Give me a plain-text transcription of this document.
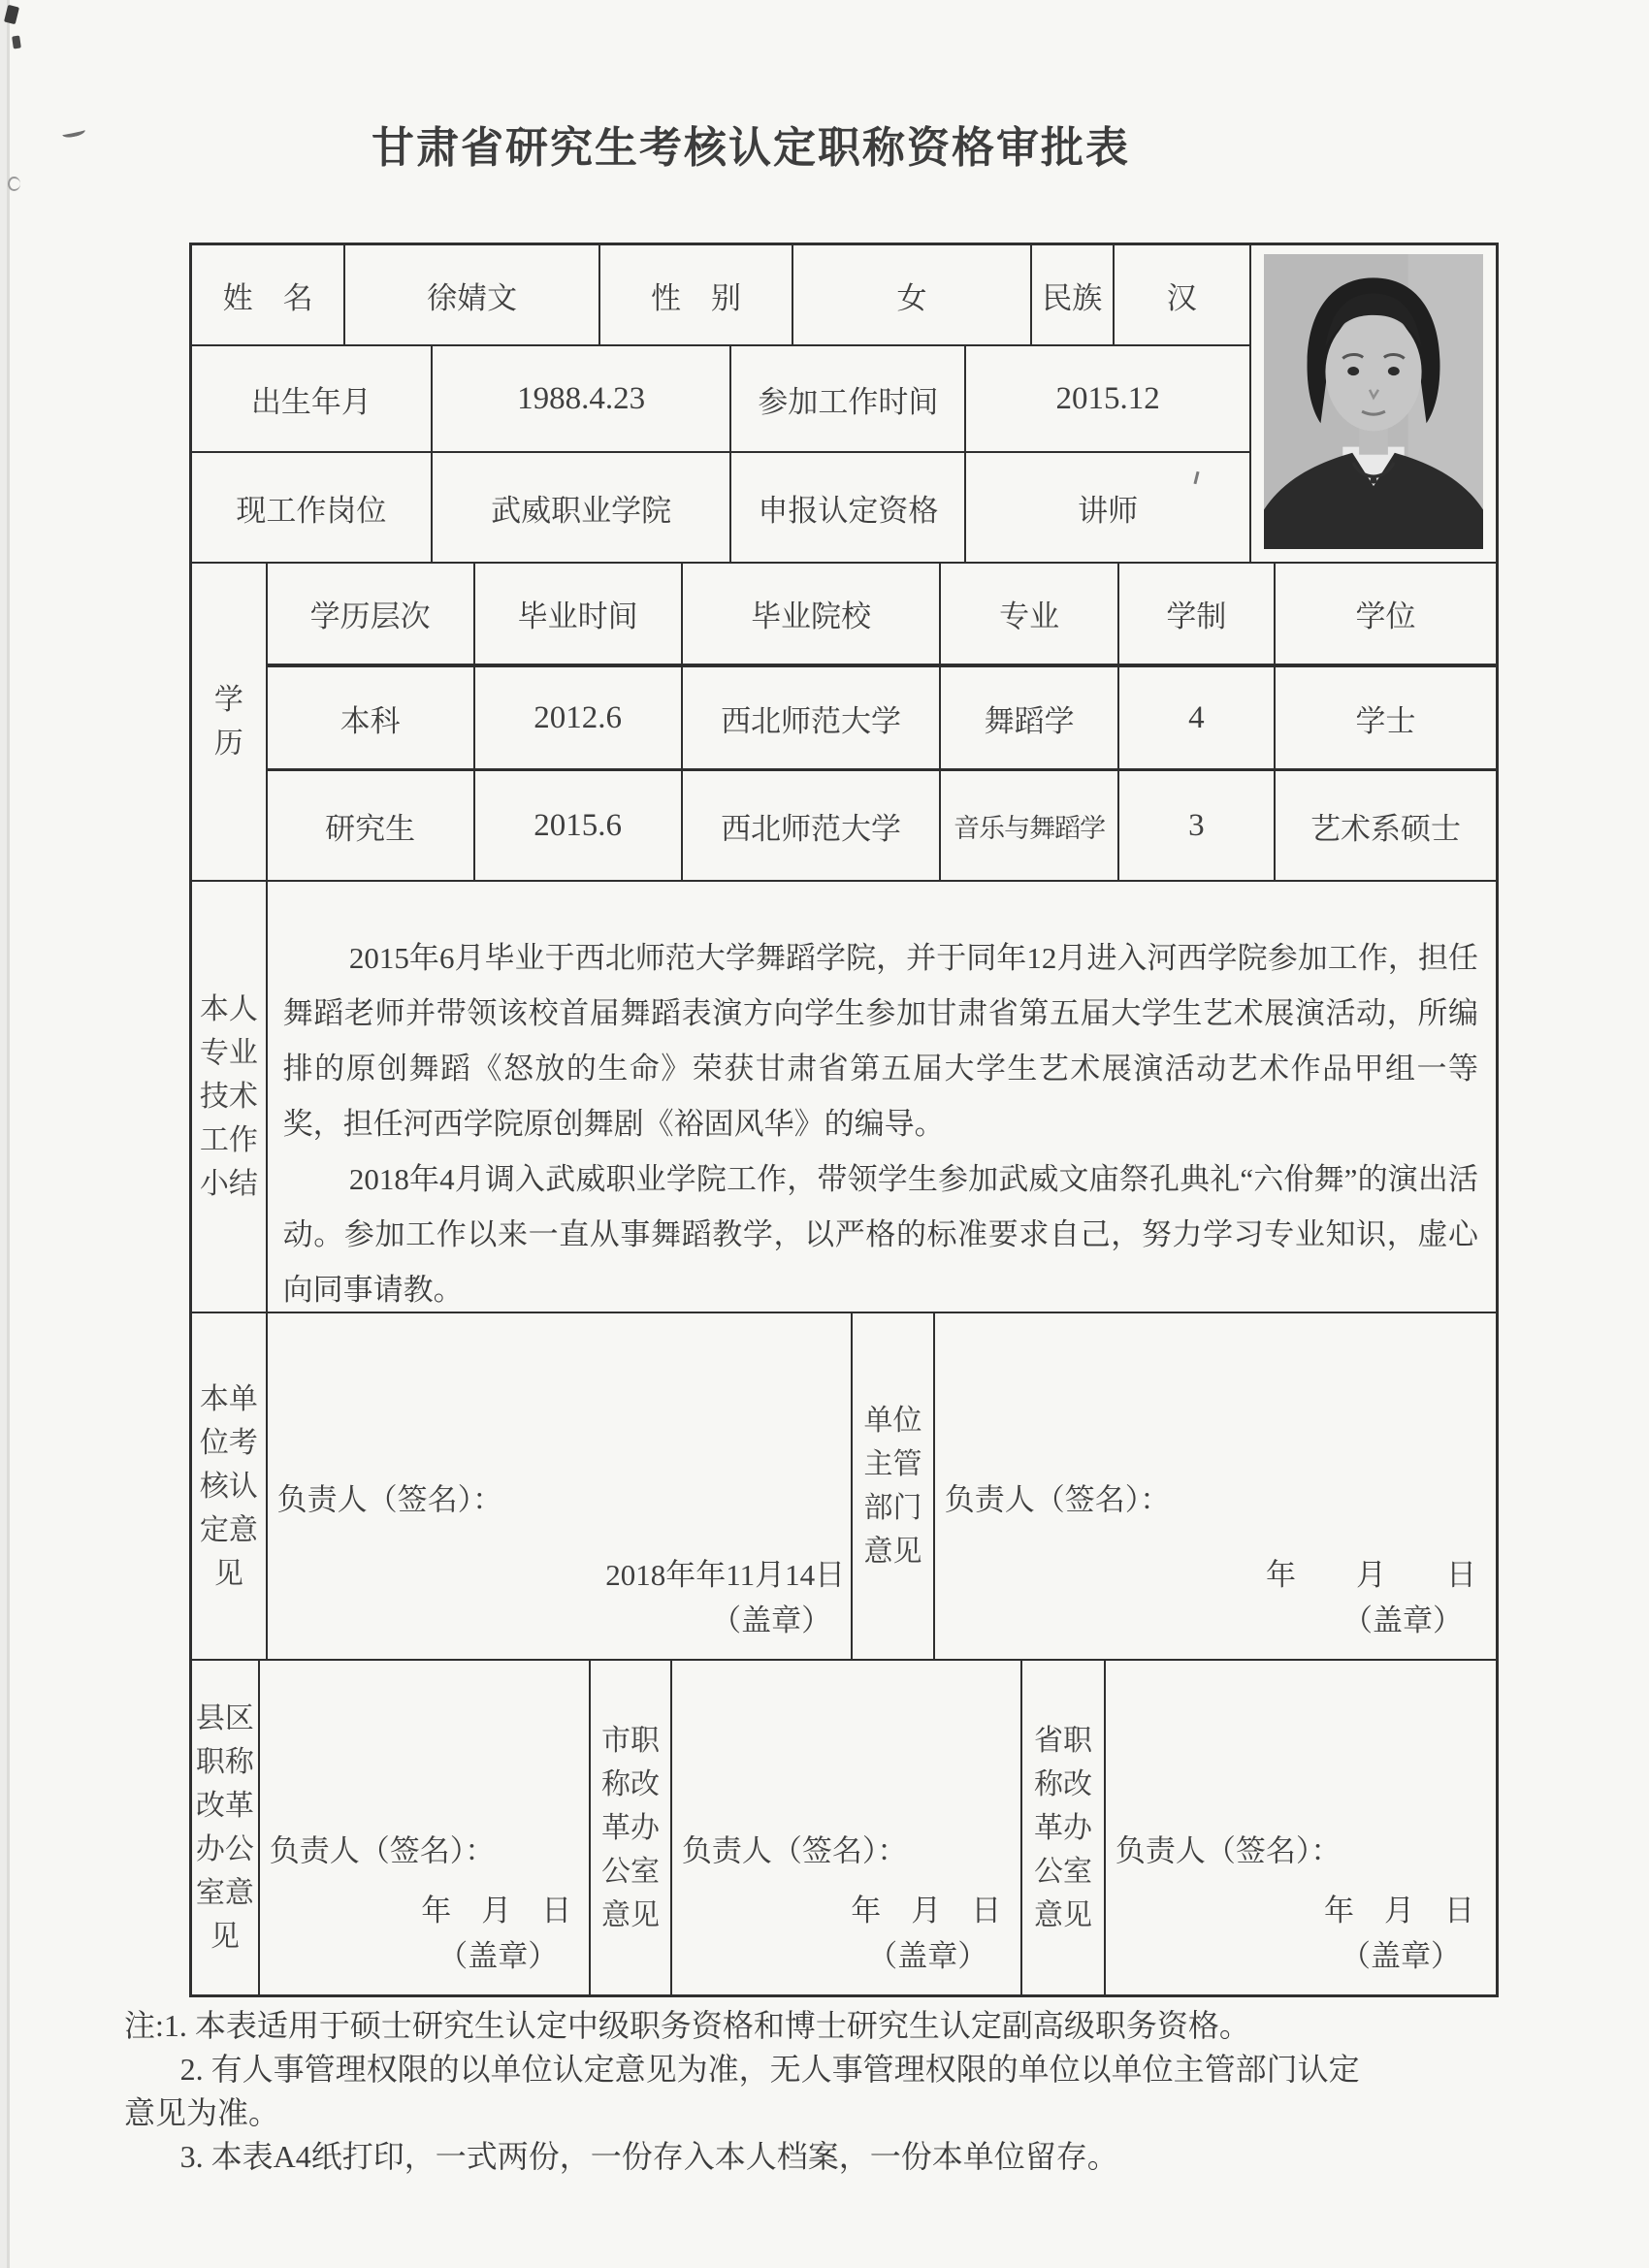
甘肃省研究生考核认定职称资格审批表
姓　名	徐婧文	性　别	女	民族	汉
出生年月	1988.4.23	参加工作时间	2015.12
现工作岗位	武威职业学院	申报认定资格	讲师
学历
学历层次	毕业时间	毕业院校	专业	学制	学位
本科	2012.6	西北师范大学	舞蹈学	4	学士
研究生	2015.6	西北师范大学	音乐与舞蹈学	3	艺术系硕士
本人专业技术工作小结

2015年6月毕业于西北师范大学舞蹈学院，并于同年12月进入河西学院参加工作，担任舞蹈老师并带领该校首届舞蹈表演方向学生参加甘肃省第五届大学生艺术展演活动，所编排的原创舞蹈《怒放的生命》荣获甘肃省第五届大学生艺术展演活动艺术作品甲组一等奖，担任河西学院原创舞剧《裕固风华》的编导。

2018年4月调入武威职业学院工作，带领学生参加武威文庙祭孔典礼“六佾舞”的演出活动。参加工作以来一直从事舞蹈教学，以严格的标准要求自己，努力学习专业知识，虚心向同事请教。

本单位考核认定意见
负责人（签名）：
2018年年11月14日
（盖章）
单位主管部门意见
负责人（签名）：
年　　月　　日
（盖章）
县区职称改革办公室意见
负责人（签名）：
年　月　日
（盖章）
市职称改革办公室意见
负责人（签名）：
年　月　日
（盖章）
省职称改革办公室意见
负责人（签名）：
年　月　日
（盖章）

注:1. 本表适用于硕士研究生认定中级职务资格和博士研究生认定副高级职务资格。

2. 有人事管理权限的以单位认定意见为准，无人事管理权限的单位以单位主管部门认定意见为准。

3. 本表A4纸打印，一式两份，一份存入本人档案，一份本单位留存。
